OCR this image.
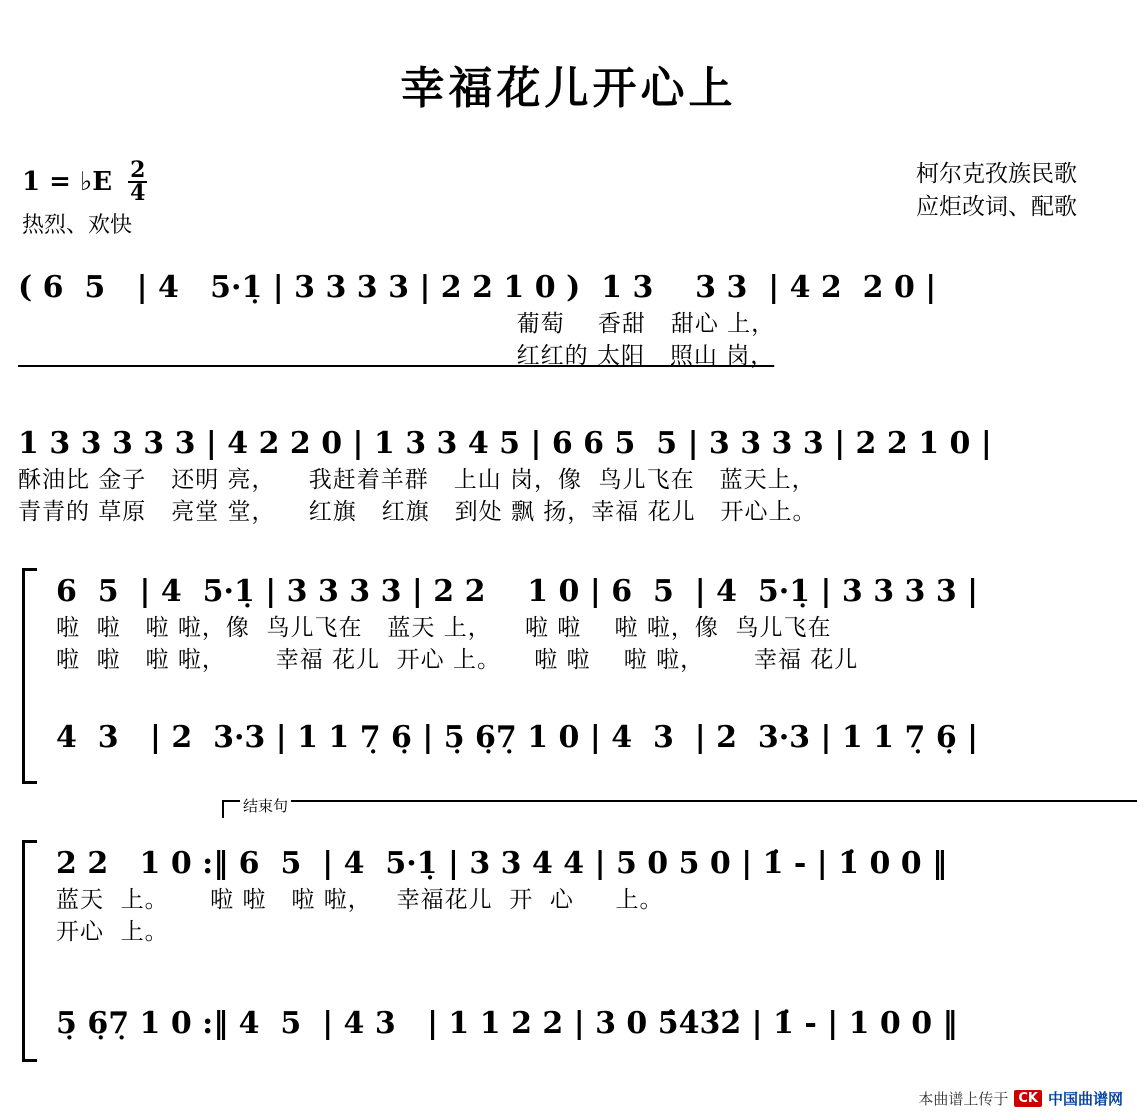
幸福花儿开心上
1 = ♭E $\frac{2}{4}$
热烈、欢快
柯尔克孜族民歌
应炬改词、配歌
( 6  5   | 4   5·1̣ | 3 3 3 3 | 2 2 1 0 )  1 3    3 3  | 4 2  2 0 |
葡萄    香甜   甜心 上，
红红的 太阳   照山 岗，
1 3 3 3 3 3 | 4 2 2 0 | 1 3 3 4 5 | 6 6 5  5 | 3 3 3 3 | 2 2 1 0 |
酥油比 金子   还明 亮，    我赶着羊群   上山 岗，像  鸟儿飞在   蓝天上，
青青的 草原   亮堂 堂，    红旗   红旗   到处 飘 扬，幸福 花儿   开心上。
6  5  | 4  5·1̣ | 3 3 3 3 | 2 2    1 0 | 6  5  | 4  5·1̣ | 3 3 3 3 |
啦  啦   啦 啦，像  鸟儿飞在   蓝天 上，    啦 啦    啦 啦，像  鸟儿飞在
啦  啦   啦 啦，      幸福 花儿  开心 上。    啦 啦    啦 啦，      幸福 花儿
4  3   | 2  3·3 | 1 1 7̣ 6̣ | 5̣ 6̣7̣ 1 0 | 4  3  | 2  3·3 | 1 1 7̣ 6̣ |
结束句
2 2   1 0 :‖ 6  5  | 4  5·1̣ | 3 3 4 4 | 5 0 5 0 | 1̇ - | 1̇ 0 0 ‖
蓝天  上。     啦 啦   啦 啦，   幸福花儿  开  心     上。
开心  上。
5̣ 6̣7̣ 1 0 :‖ 4  5  | 4 3   | 1 1 2 2 | 3 0 5̇4̇3̇2̇ | 1̇ - | 1 0 0 ‖
本曲谱上传于 CK 中国曲谱网
